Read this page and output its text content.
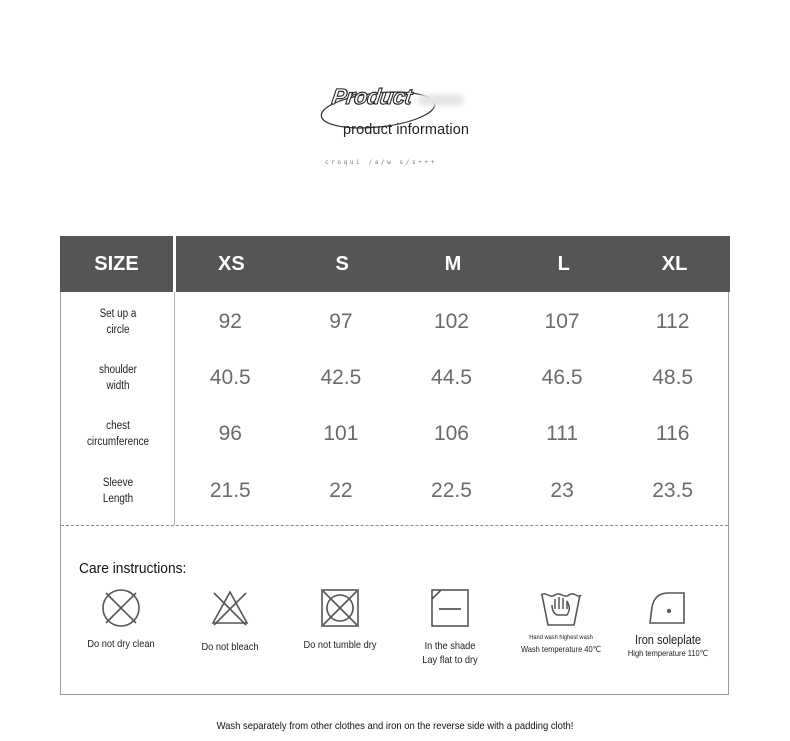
Product
product information
croqui /a/w s/s+++
SIZE	XS	S	M	L	XL
Set up a
circle	92	97	102	107	112
shoulder
width	40.5	42.5	44.5	46.5	48.5
chest
circumference	96	101	106	111	116
Sleeve
Length	21.5	22	22.5	23	23.5
Care instructions:
Do not dry clean	Do not bleach	Do not tumble dry	In the shade
Lay flat to dry
Hand wash highest wash
Wash temperature 40℃
Iron soleplate
High temperature 110℃
Wash separately from other clothes and iron on the reverse side with a padding cloth!
